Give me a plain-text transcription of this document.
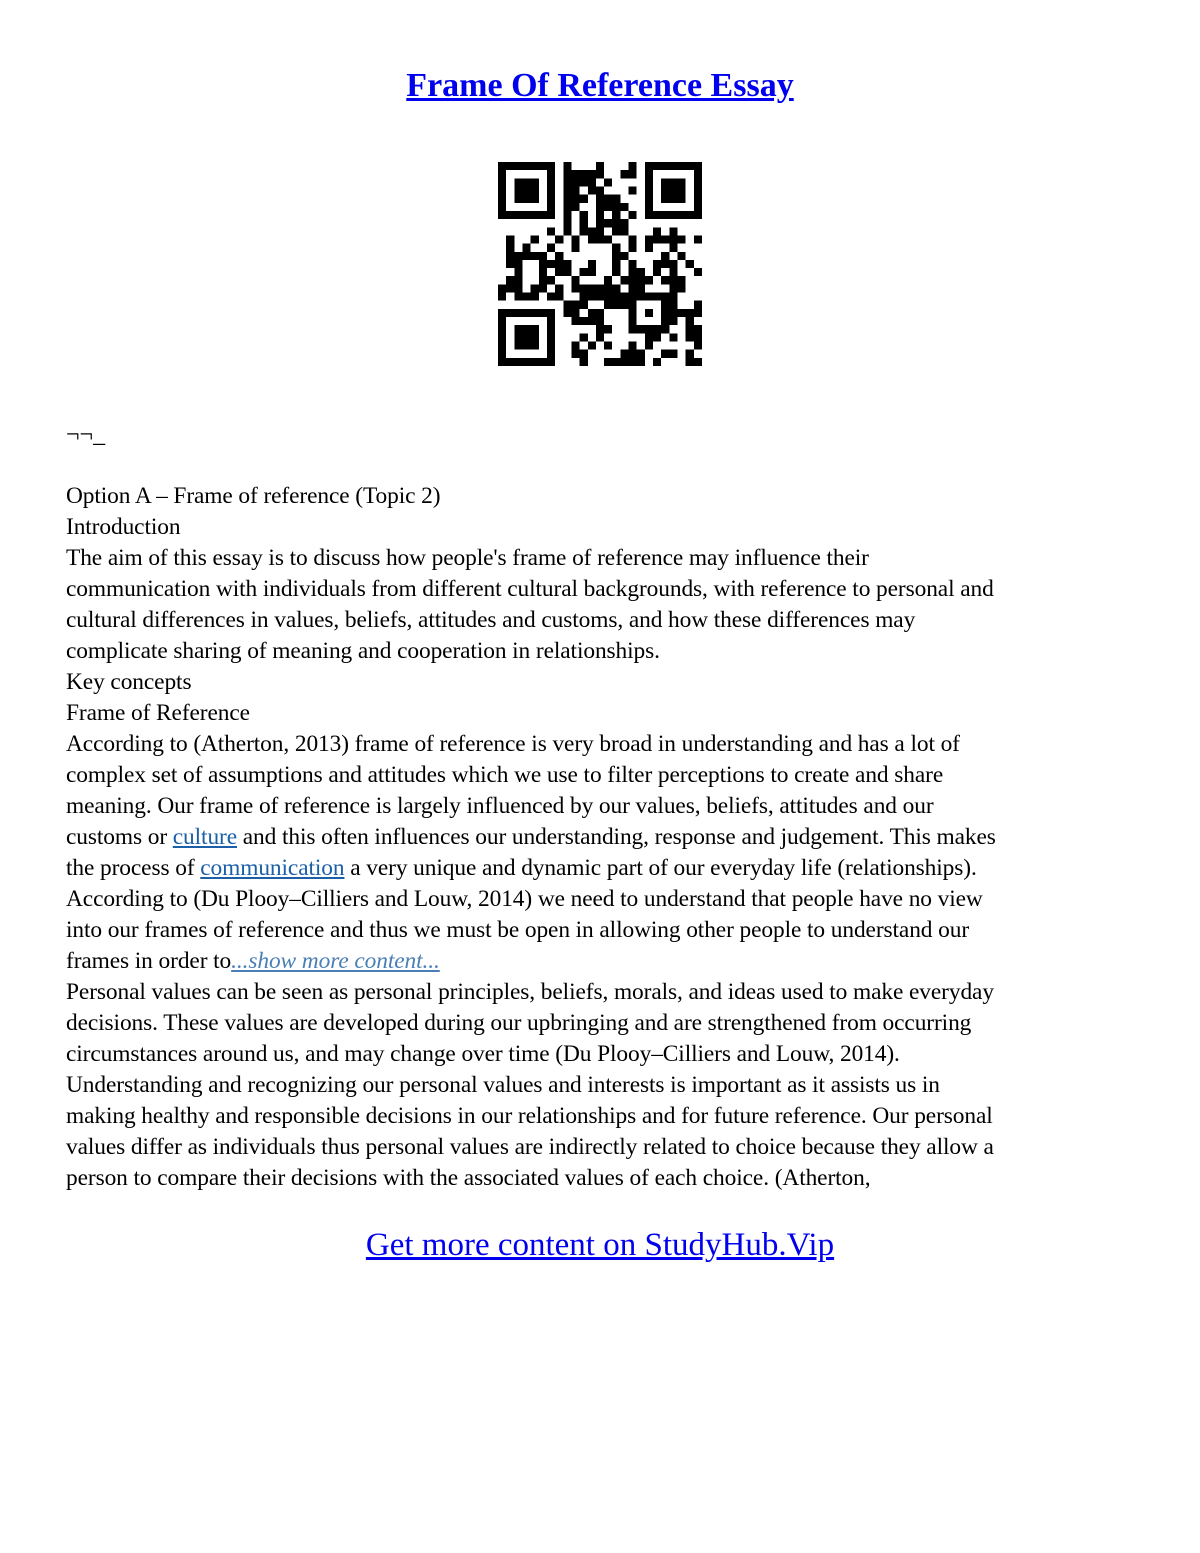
Frame Of Reference Essay
¬¬_
Option A – Frame of reference (Topic 2)
Introduction
The aim of this essay is to discuss how people's frame of reference may influence their
communication with individuals from different cultural backgrounds, with reference to personal and
cultural differences in values, beliefs, attitudes and customs, and how these differences may
complicate sharing of meaning and cooperation in relationships.
Key concepts
Frame of Reference
According to (Atherton, 2013) frame of reference is very broad in understanding and has a lot of
complex set of assumptions and attitudes which we use to filter perceptions to create and share
meaning. Our frame of reference is largely influenced by our values, beliefs, attitudes and our
customs or culture and this often influences our understanding, response and judgement. This makes
the process of communication a very unique and dynamic part of our everyday life (relationships).
According to (Du Plooy–Cilliers and Louw, 2014) we need to understand that people have no view
into our frames of reference and thus we must be open in allowing other people to understand our
frames in order to...show more content...
Personal values can be seen as personal principles, beliefs, morals, and ideas used to make everyday
decisions. These values are developed during our upbringing and are strengthened from occurring
circumstances around us, and may change over time (Du Plooy–Cilliers and Louw, 2014).
Understanding and recognizing our personal values and interests is important as it assists us in
making healthy and responsible decisions in our relationships and for future reference. Our personal
values differ as individuals thus personal values are indirectly related to choice because they allow a
person to compare their decisions with the associated values of each choice. (Atherton,
Get more content on StudyHub.Vip
